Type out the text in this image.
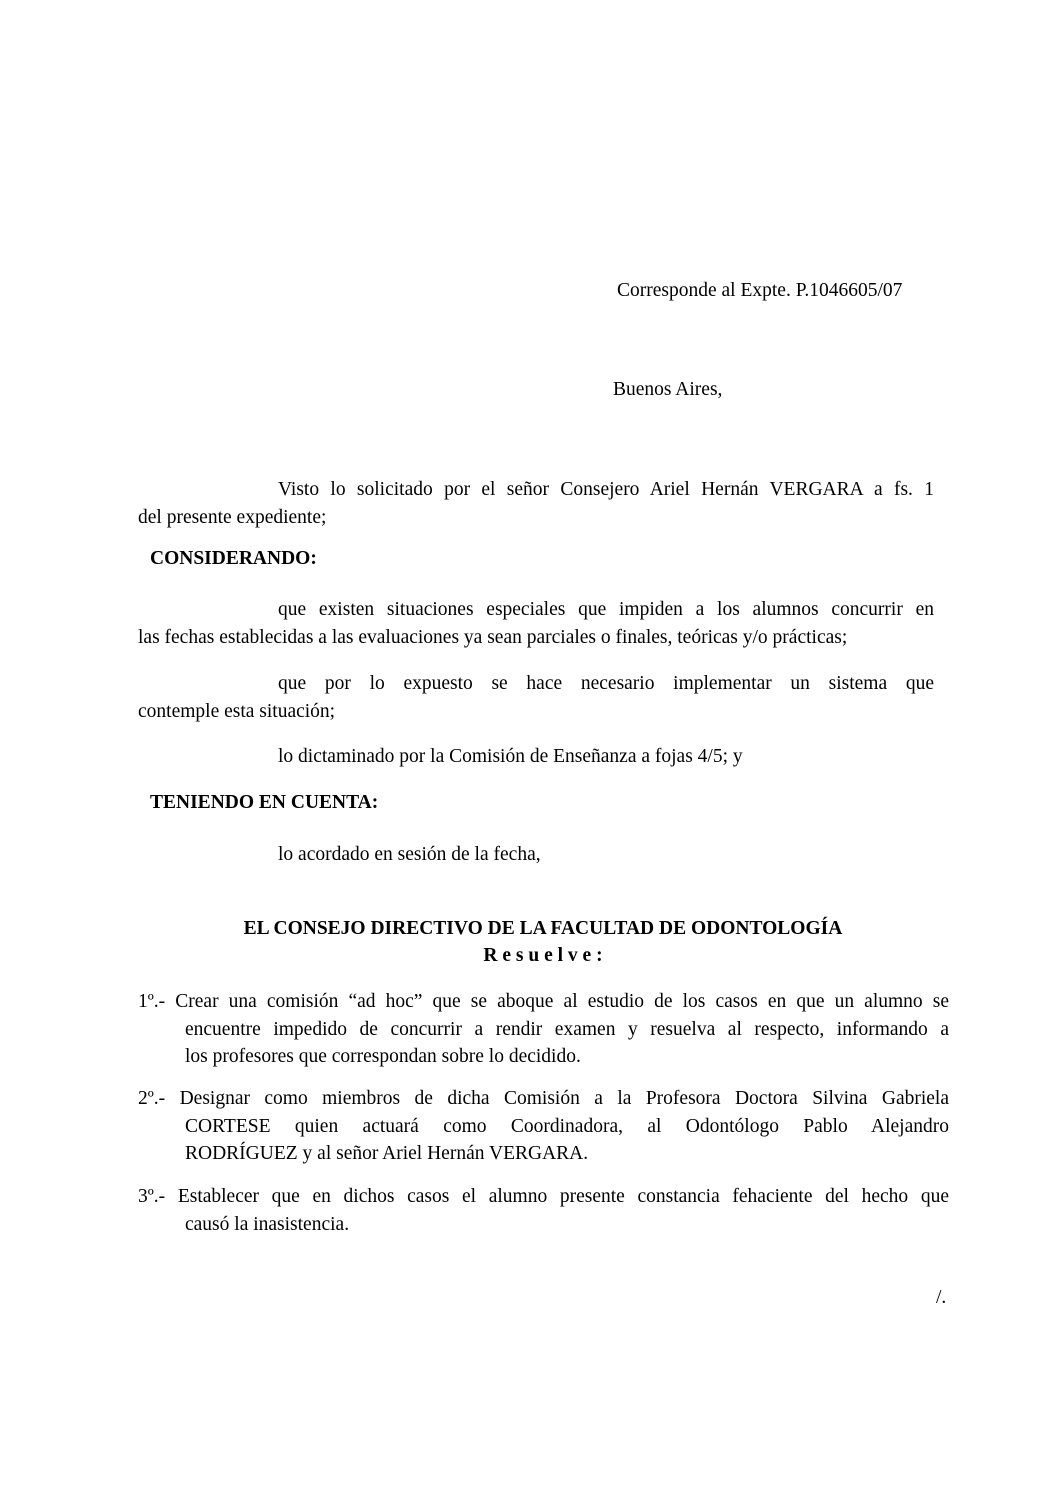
Corresponde al Expte. P.1046605/07
Buenos Aires,
Visto lo solicitado por el señor Consejero Ariel Hernán VERGARA a fs. 1
del presente expediente;
CONSIDERANDO:
que existen situaciones especiales que impiden a los alumnos concurrir en
las fechas establecidas a las evaluaciones ya sean parciales o finales, teóricas y/o prácticas;
que por lo expuesto se hace necesario implementar un sistema que
contemple esta situación;
lo dictaminado por la Comisión de Enseñanza a fojas 4/5; y
TENIENDO EN CUENTA:
lo acordado en sesión de la fecha,
EL CONSEJO DIRECTIVO DE LA FACULTAD DE ODONTOLOGÍA
R e s u e l v e :
1º.- Crear una comisión “ad hoc” que se aboque al estudio de los casos en que un alumno se
encuentre impedido de concurrir a rendir examen y resuelva al respecto, informando a
los profesores que correspondan sobre lo decidido.
2º.- Designar como miembros de dicha Comisión a la Profesora Doctora Silvina Gabriela
CORTESE quien actuará como Coordinadora, al Odontólogo Pablo Alejandro
RODRÍGUEZ y al señor Ariel Hernán VERGARA.
3º.- Establecer que en dichos casos el alumno presente constancia fehaciente del hecho que
causó la inasistencia.
/.
